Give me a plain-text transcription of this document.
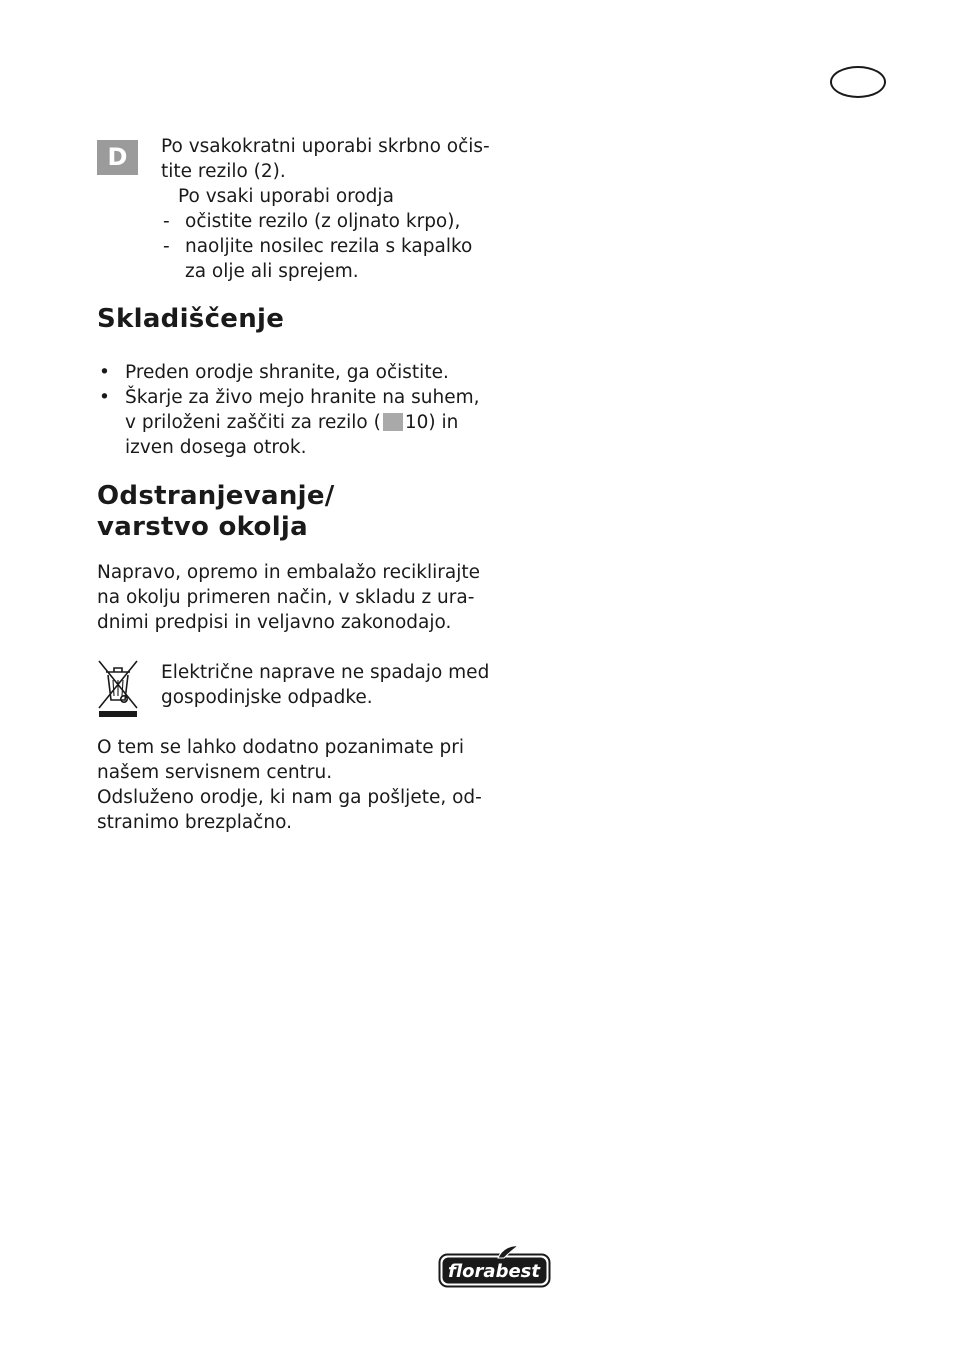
D	Po vsakokratni uporabi skrbno očis-

tite rezilo (2).

Po vsaki uporabi orodja

- očistite rezilo (z oljnato krpo),

- naoljite nosilec rezila s kapalko

za olje ali sprejem.

Skladiščenje
• Preden orodje shranite, ga očistite.

• Škarje za živo mejo hranite na suhem,

v priloženi zaščiti za rezilo ( 10) in

izven dosega otrok.

Odstranjevanje/
varstvo okolja

Napravo, opremo in embalažo reciklirajte

na okolju primeren način, v skladu z ura-

dnimi predpisi in veljavno zakonodajo.

Električne naprave ne spadajo med

gospodinjske odpadke.

O tem se lahko dodatno pozanimate pri

našem servisnem centru.

Odsluženo orodje, ki nam ga pošljete, od-

stranimo brezplačno.

florabest
